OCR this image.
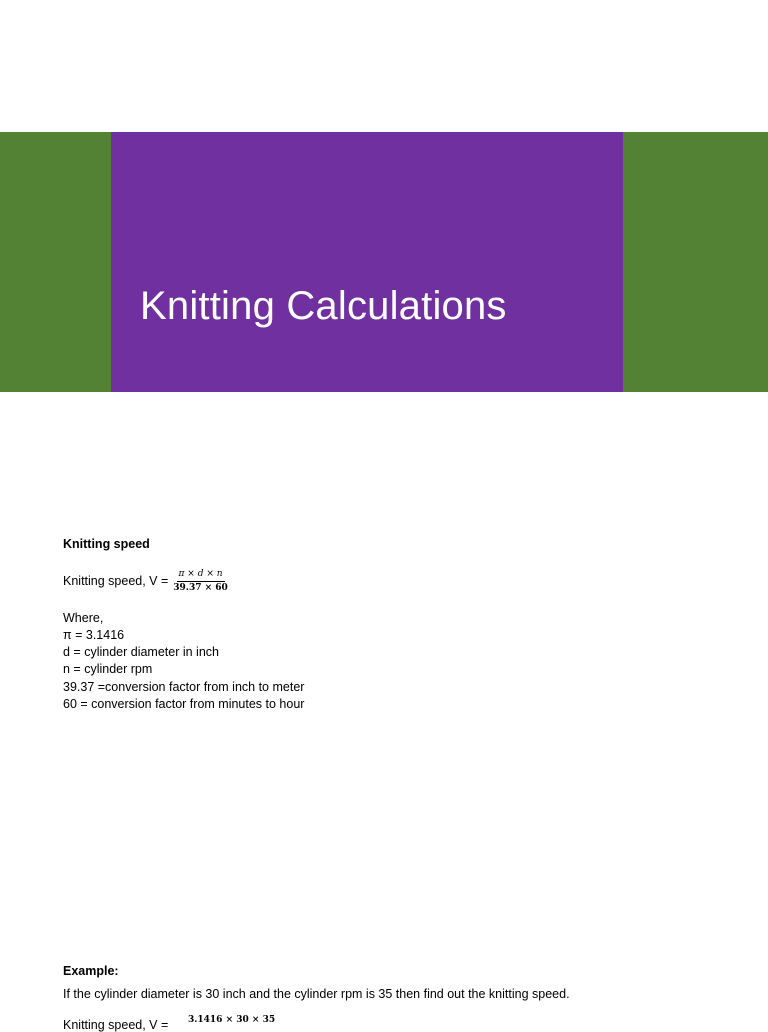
Knitting Calculations
Knitting speed
Knitting speed, $V = \frac{\text{π × 𝑑 × 𝑛}}{39.37 \times 60}$
Where,
π = 3.1416
d = cylinder diameter in inch
n = cylinder rpm
39.37 =conversion factor from inch to meter
60 = conversion factor from minutes to hour
Example:
If the cylinder diameter is 30 inch and the cylinder rpm is 35 then find out the knitting speed.
Knitting speed, V = 3.1416 × 30 × 35
